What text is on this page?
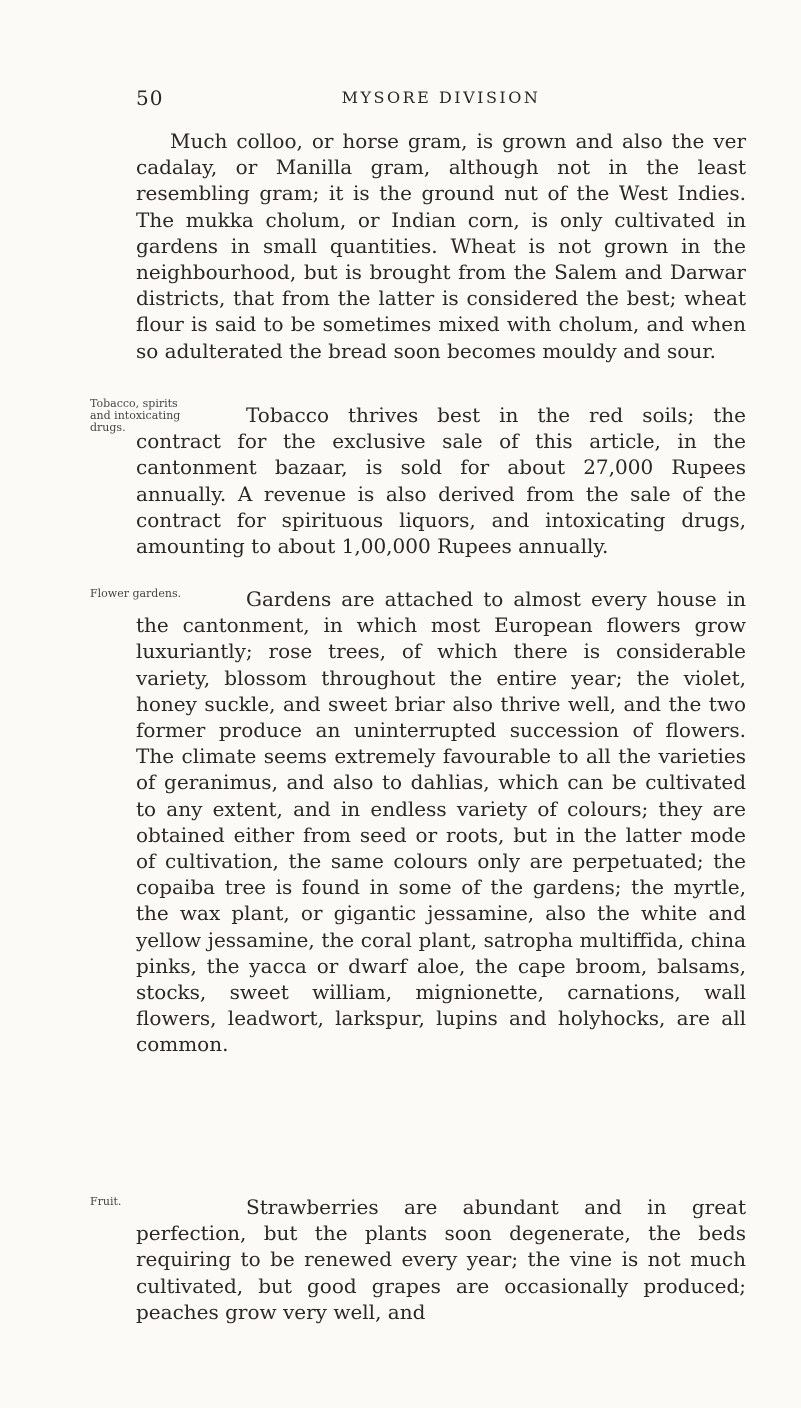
50	MYSORE DIVISION

Much colloo, or horse gram, is grown and also the ver cadalay, or Manilla gram, although not in the least resembling gram; it is the ground nut of the West Indies. The mukka cholum, or Indian corn, is only cultivated in gardens in small quantities. Wheat is not grown in the neighbourhood, but is brought from the Salem and Darwar districts, that from the latter is considered the best; wheat flour is said to be sometimes mixed with cholum, and when so adulterated the bread soon becomes mouldy and sour.

Tobacco, spirits and intoxicating drugs.

Tobacco thrives best in the red soils; the contract for the exclusive sale of this article, in the cantonment bazaar, is sold for about 27,000 Rupees annually. A revenue is also derived from the sale of the contract for spirituous liquors, and intoxicating drugs, amounting to about 1,00,000 Rupees annually.

Flower gardens.	Gardens are attached to almost every house in the cantonment, in which most European flowers grow luxuriantly; rose trees, of which there is considerable variety, blossom throughout the entire year; the violet, honey suckle, and sweet briar also thrive well, and the two former produce an uninterrupted succession of flowers. The climate seems extremely favourable to all the varieties of geranimus, and also to dahlias, which can be cultivated to any extent, and in endless variety of colours; they are obtained either from seed or roots, but in the latter mode of cultivation, the same colours only are perpetuated; the copaiba tree is found in some of the gardens; the myrtle, the wax plant, or gigantic jessamine, also the white and yellow jessamine, the coral plant, satropha multiffida, china pinks, the yacca or dwarf aloe, the cape broom, balsams, stocks, sweet william, mignionette, carnations, wall flowers, leadwort, larkspur, lupins and holyhocks, are all common.

Fruit.	Strawberries are abundant and in great perfection, but the plants soon degenerate, the beds requiring to be renewed every year; the vine is not much cultivated, but good grapes are occasionally produced; peaches grow very well, and
